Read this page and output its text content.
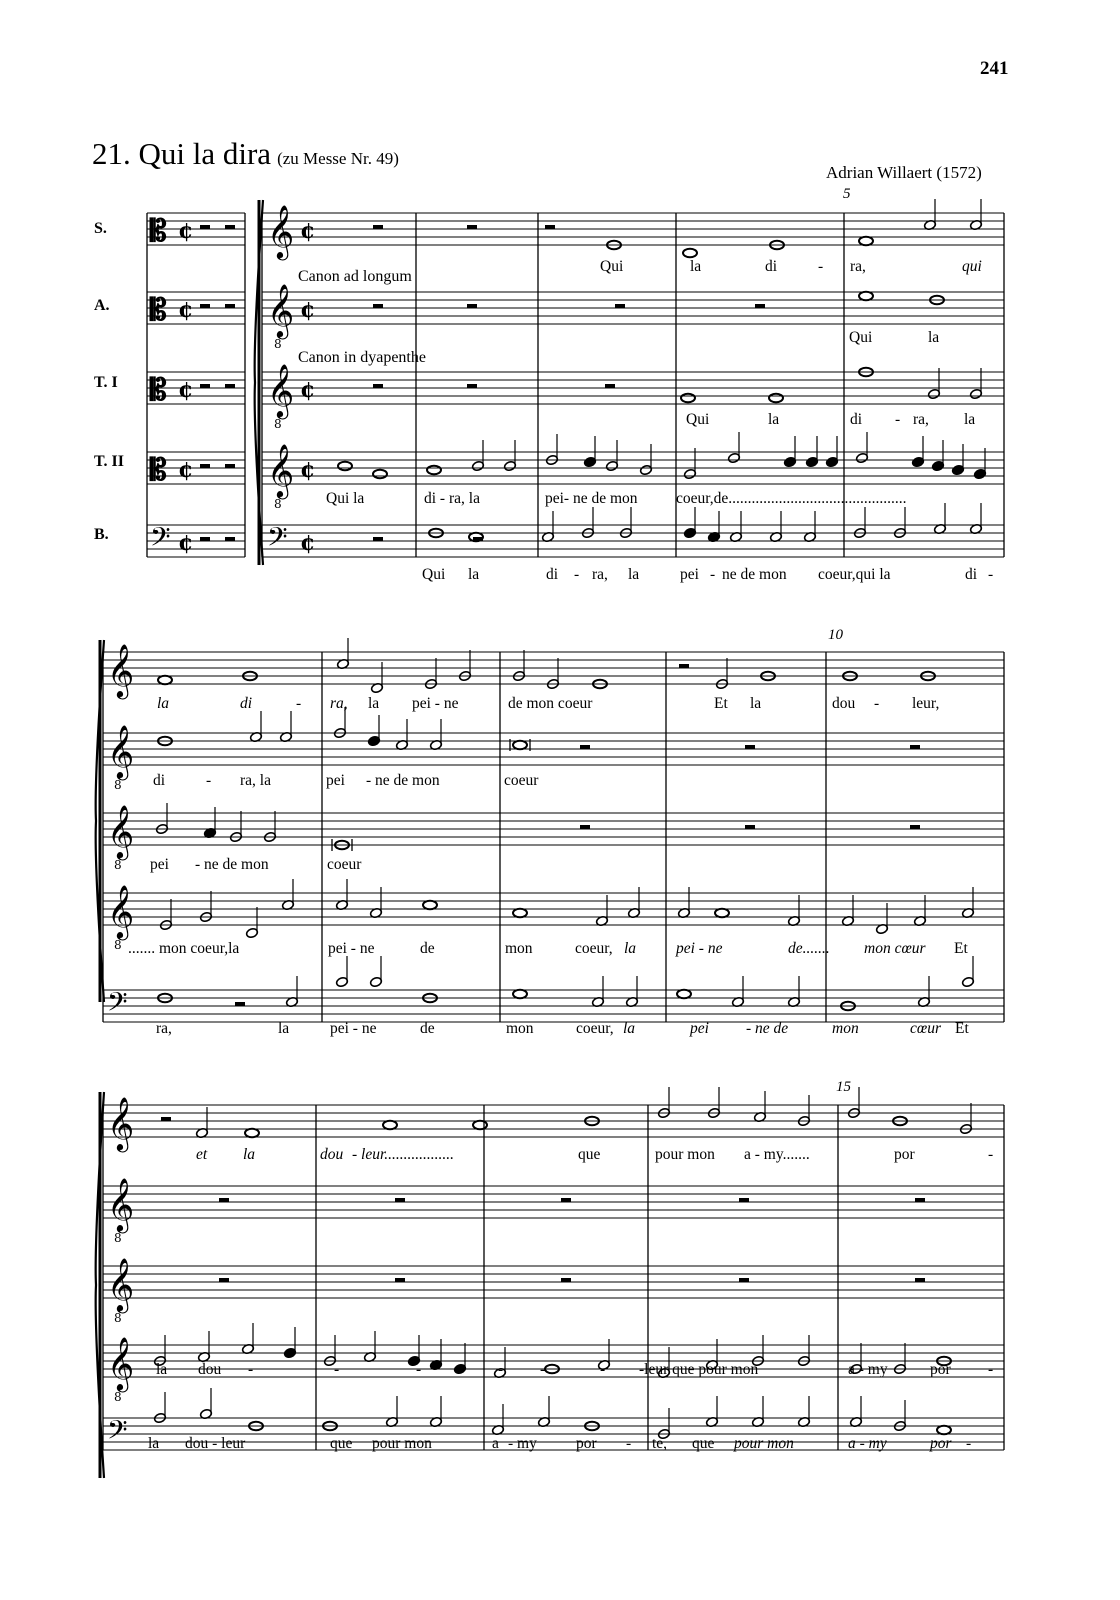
241
21. Qui la dira (zu Messe Nr. 49)
Adrian Willaert (1572)
S.
A.
T. I
T. II
B.
Canon ad longum
Canon in dyapenthe
5
10
15
𝄡 𝄞
¢	¢
𝄡 𝄞
8
¢	¢
𝄡 𝄞
8
¢	¢
𝄡 𝄞
8
¢	¢
𝄢	𝄢
¢	¢
𝄞
𝄞
8
𝄞
8
𝄞
8
𝄢
𝄞
𝄞
8
𝄞
8
𝄞
8
𝄢
Qui	la	di	- ra,	qui
Qui	la
Qui	la	di - ra, la
Qui la	di - ra, la	pei- ne de mon coeur,de..............................................
Qui la	di - ra, la	pei - ne de mon coeur,qui la	di -
la	di	- ra, la pei - ne	de mon coeur	Et la	dou - leur,
di	- ra, la	pei - ne de mon	coeur
pei - ne de mon	coeur
....... mon coeur,la	pei - ne	de	mon	coeur, la	pei - ne	de....... mon cœur Et
ra,	la	pei - ne	de	mon	coeur, la	pei - ne de	mon	cœur Et
et la	dou - leur..................	que	pour mon a - my.......	por	-
la dou -	-	-	- - -	- -leur que pour mon	a - my	por -
la dou - leur	que pour mon	a - my	por - te, que pour mon	a - my	por -
